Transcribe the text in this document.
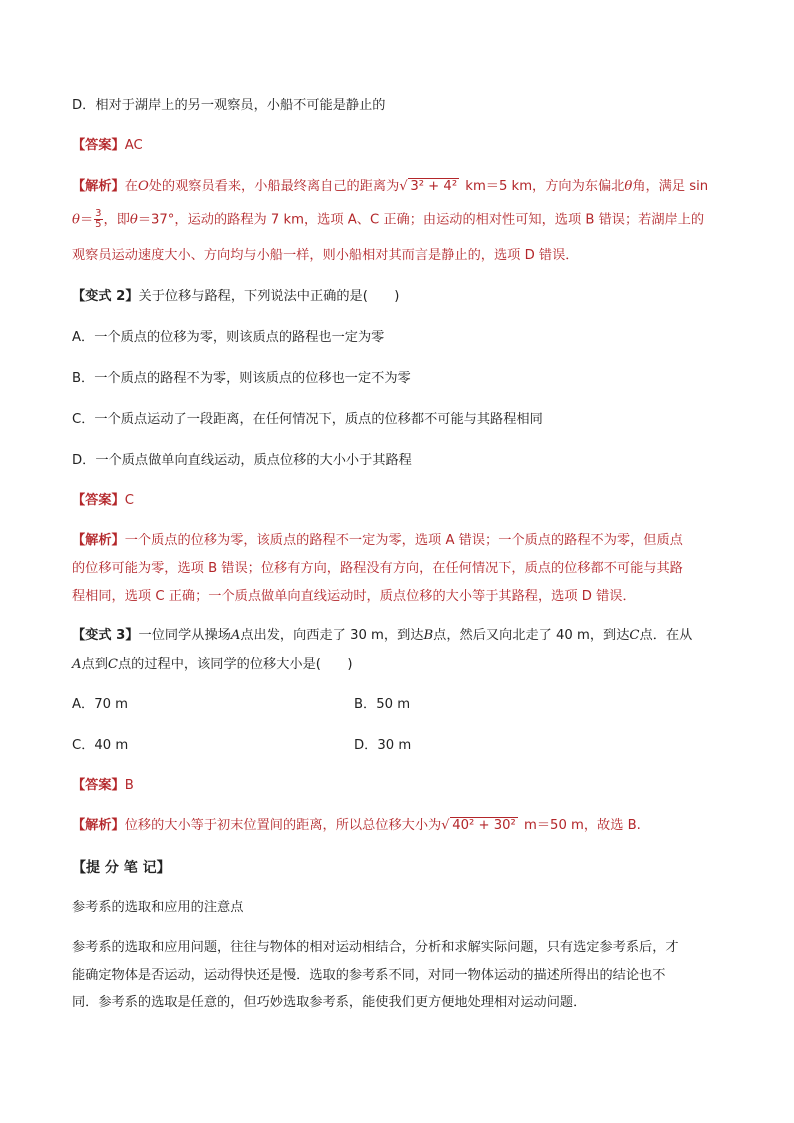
D．相对于湖岸上的另一观察员，小船不可能是静止的
【答案】AC
【解析】在O处的观察员看来，小船最终离自己的距离为 √ 3² + 4² km＝5 km，方向为东偏北θ角，满足 sin
$\theta= \frac{3}{5}$ ，即θ＝37°，运动的路程为 7 km，选项 A、C 正确；由运动的相对性可知，选项 B 错误；若湖岸上的
观察员运动速度大小、方向均与小船一样，则小船相对其而言是静止的，选项 D 错误．
【变式 2】关于位移与路程，下列说法中正确的是(　　)
A．一个质点的位移为零，则该质点的路程也一定为零
B．一个质点的路程不为零，则该质点的位移也一定不为零
C．一个质点运动了一段距离，在任何情况下，质点的位移都不可能与其路程相同
D．一个质点做单向直线运动，质点位移的大小小于其路程
【答案】C
【解析】一个质点的位移为零，该质点的路程不一定为零，选项 A 错误；一个质点的路程不为零，但质点
的位移可能为零，选项 B 错误；位移有方向，路程没有方向，在任何情况下，质点的位移都不可能与其路
程相同，选项 C 正确；一个质点做单向直线运动时，质点位移的大小等于其路程，选项 D 错误．
【变式 3】一位同学从操场A点出发，向西走了 30 m，到达B点，然后又向北走了 40 m，到达C点．在从
A点到C点的过程中，该同学的位移大小是(　　)
A．70 m	B．50 m
C．40 m	D．30 m
【答案】B
【解析】位移的大小等于初末位置间的距离，所以总位移大小为 √ 40² + 30² m＝50 m，故选 B.
【提 分 笔 记】
参考系的选取和应用的注意点
参考系的选取和应用问题，往往与物体的相对运动相结合，分析和求解实际问题，只有选定参考系后，才
能确定物体是否运动，运动得快还是慢．选取的参考系不同，对同一物体运动的描述所得出的结论也不
同．参考系的选取是任意的，但巧妙选取参考系，能使我们更方便地处理相对运动问题．
